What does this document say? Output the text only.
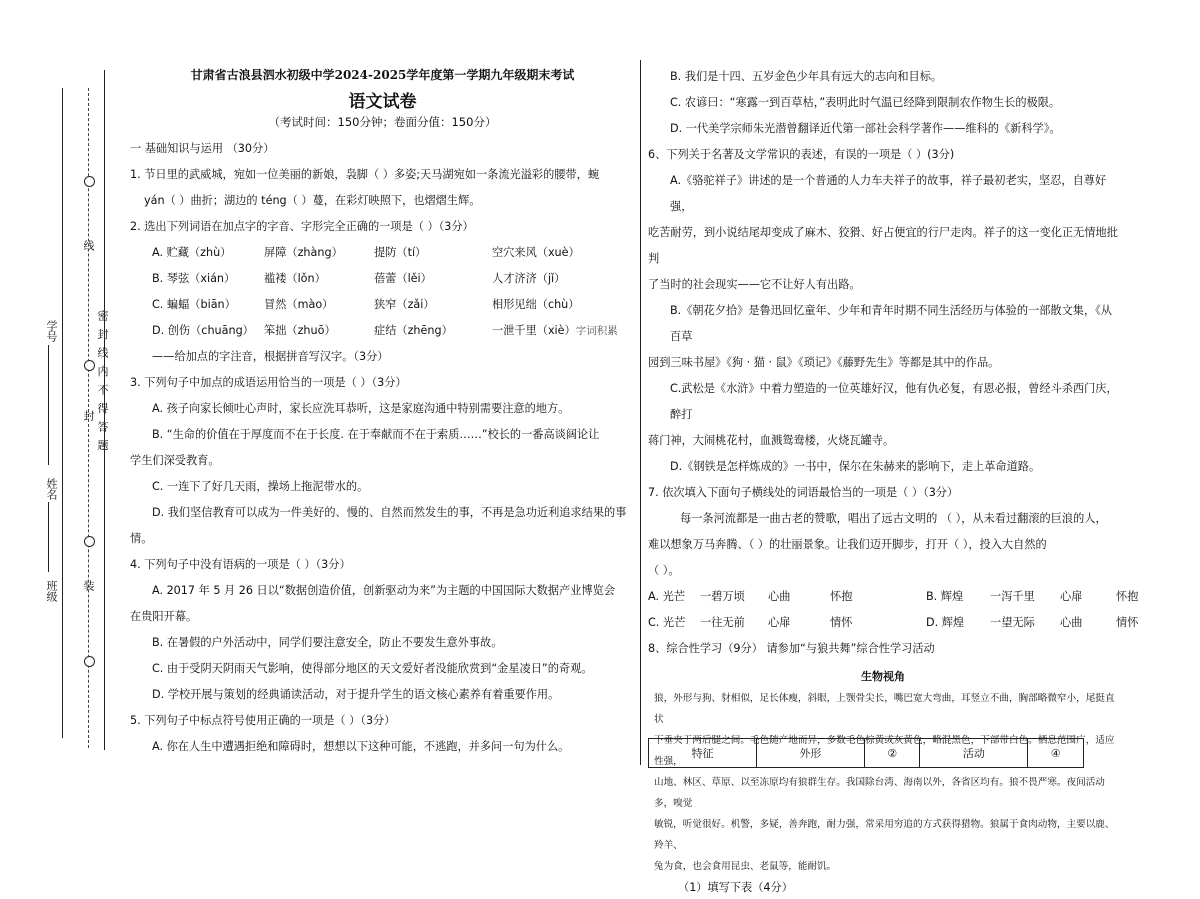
学号
姓名
班级
线
封
装
密 封 线 内 不 得 答 题
甘肃省古浪县泗水初级中学2024-2025学年度第一学期九年级期末考试
语文试卷
（考试时间：150分钟；卷面分值：150分）

一 基础知识与运用 （30分）

1. 节日里的武威城，宛如一位美丽的新娘，袅脚（ ）多姿;天马湖宛如一条流光溢彩的腰带，蜿

yán（ ）曲折；湖边的 téng（ ）蔓，在彩灯映照下，也熠熠生辉。

2. 选出下列词语在加点字的字音、字形完全正确的一项是（ ）（3分）

A. 贮藏（zhù）	屏障（zhàng）	提防（tí）	空穴来风（xuè）
B. 琴弦（xián）	褴褛（lǒn）	蓓蕾（lěi）	人才济济（jǐ）
C. 蝙蝠（biān）	冒然（mào）	狭窄（zǎi）	相形见绌（chù）
D. 创伤（chuāng） 笨拙（zhuō）	症结（zhēng）	一泄千里（xiè）字词积累

——给加点的字注音，根据拼音写汉字。（3分）

3. 下列句子中加点的成语运用恰当的一项是（ ）（3分）

A. 孩子向家长倾吐心声时，家长应洗耳恭听，这是家庭沟通中特别需要注意的地方。

B. “生命的价值在于厚度而不在于长度. 在于奉献而不在于索质……”校长的一番高谈阔论让

学生们深受教育。

C. 一连下了好几天雨，操场上拖泥带水的。

D. 我们坚信教育可以成为一件美好的、慢的、自然而然发生的事，不再是急功近利追求结果的事

情。

4. 下列句子中没有语病的一项是（ ）（3分）

A. 2017 年 5 月 26 日以“数据创造价值，创新驱动为来”为主题的中国国际大数据产业博览会

在贵阳开幕。

B. 在暑假的户外活动中，同学们要注意安全，防止不要发生意外事故。

C. 由于受阴天阴雨天气影响，使得部分地区的天文爱好者没能欣赏到“金星凌日”的奇观。

D. 学校开展与策划的经典诵读活动，对于提升学生的语文核心素养有着重要作用。

5. 下列句子中标点符号使用正确的一项是（ ）（3分）

A. 你在人生中遭遇拒绝和障碍时，想想以下这种可能，不逃跑，并多问一句为什么。

B. 我们是十四、五岁金色少年具有远大的志向和目标。

C. 农谚曰：“寒露一到百草枯，”表明此时气温已经降到限制农作物生长的极限。

D. 一代美学宗师朱光潜曾翻译近代第一部社会科学著作——维科的《新科学》。

6、下列关于名著及文学常识的表述，有误的一项是（ ）(3分)

A.《骆驼祥子》讲述的是一个普通的人力车夫祥子的故事，祥子最初老实，坚忍，自尊好强，

吃苦耐劳，到小说结尾却变成了麻木、狡猾、好占便宜的行尸走肉。祥子的这一变化正无情地批判

了当时的社会现实——它不让好人有出路。

B.《朝花夕拾》是鲁迅回忆童年、少年和青年时期不同生活经历与体验的一部散文集，《从百草

园到三味书屋》《狗 · 猫 · 鼠》《琐记》《藤野先生》等都是其中的作品。

C.武松是《水浒》中着力塑造的一位英雄好汉，他有仇必复，有恩必报，曾经斗杀西门庆，醉打

蒋门神，大闹桃花村，血溅鸳鸯楼，火烧瓦罐寺。

D.《钢铁是怎样炼成的》一书中，保尔在朱赫来的影响下，走上革命道路。

7. 依次填入下面句子横线处的词语最恰当的一项是（ ）（3分）

每一条河流都是一曲古老的赞歌，唱出了远古文明的 （ ），从未看过翻滚的巨浪的人，

难以想象万马奔腾、（ ）的壮丽景象。让我们迈开脚步，打开（ ），投入大自然的

（ ）。

A. 光芒	一碧万顷	心曲	怀抱	B. 辉煌	一泻千里	心扉	怀抱
C. 光芒	一往无前	心扉	情怀	D. 辉煌	一望无际	心曲	情怀

8、综合性学习（9分） 请参加“与狼共舞”综合性学习活动

生物视角
狼，外形与狗、豺相似，足长体瘦，斜眼，上颚骨尖长，嘴巴宽大弯曲，耳竖立不曲，胸部略微窄小，尾挺直状
下垂夹于两后腿之间。毛色随产地而异，多数毛色棕黄或灰黄色，略混黑色，下部带白色。栖息范围广，适应性强，
山地、林区、草原、以至冻原均有狼群生存。我国除台湾、海南以外，各省区均有。狼不畏严寒。夜间活动多，嗅觉
敏锐，听觉很好。机警，多疑，善奔跑，耐力强，常采用穷追的方式获得猎物。狼属于食肉动物，主要以鹿、羚羊、
兔为食，也会食用昆虫、老鼠等，能耐饥。

（1）填写下表（4分）

特征	外形	②	活动	④
